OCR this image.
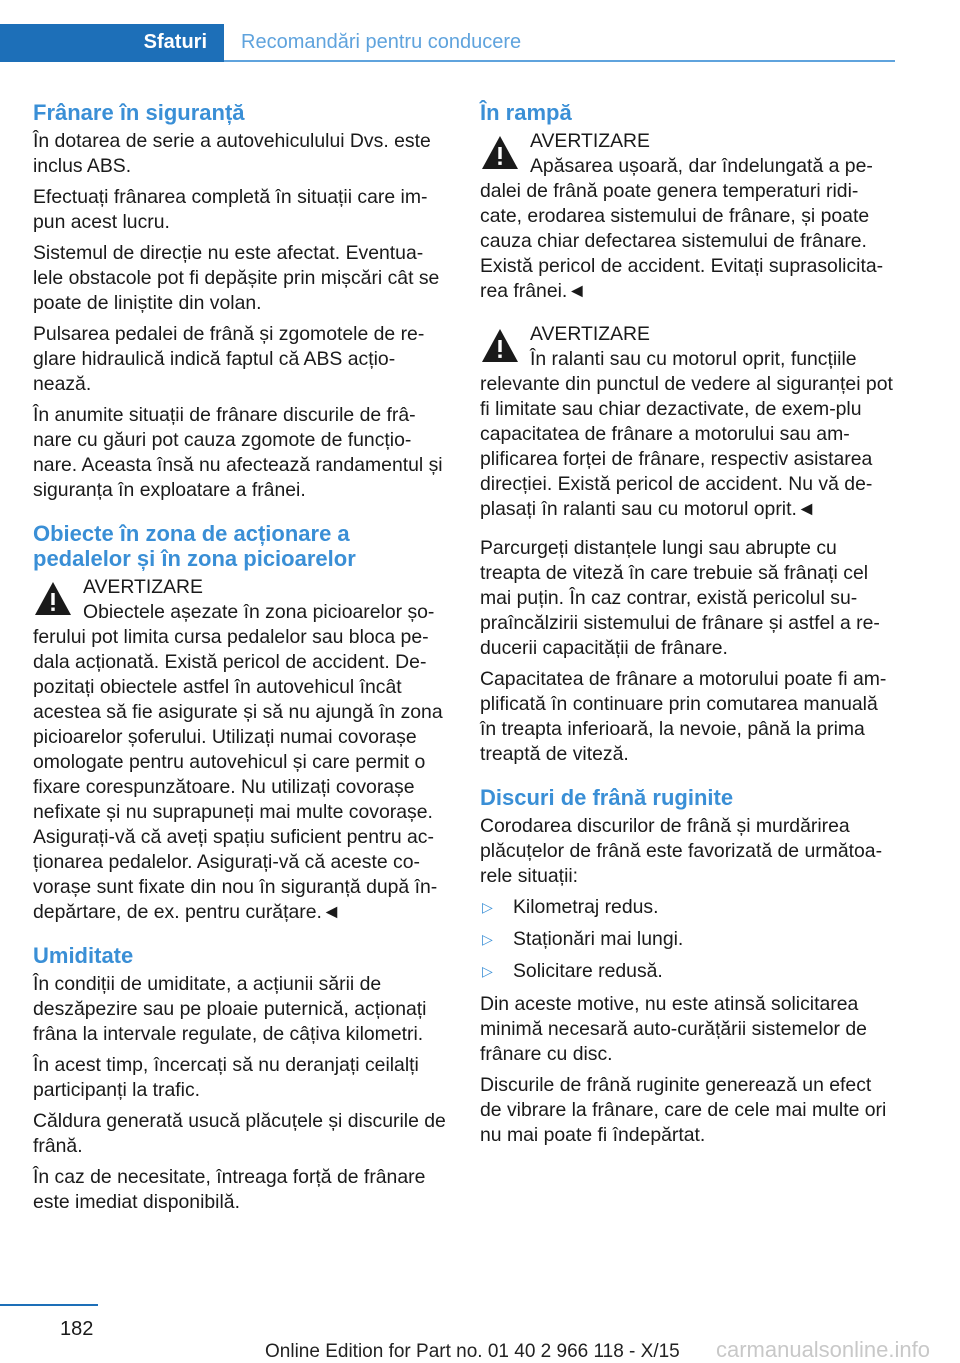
Sfaturi Recomandări pentru conducere
Frânare în siguranță

În dotarea de serie a autovehiculului Dvs. este inclus ABS.

Efectuați frânarea completă în situații care im-pun acest lucru.

Sistemul de direcție nu este afectat. Eventua-lele obstacole pot fi depășite prin mișcări cât se poate de liniștite din volan.

Pulsarea pedalei de frână și zgomotele de re-glare hidraulică indică faptul că ABS acțio-nează.

În anumite situații de frânare discurile de frâ-nare cu găuri pot cauza zgomote de funcțio-nare. Aceasta însă nu afectează randamentul și siguranța în exploatare a frânei.

Obiecte în zona de acționare a pedalelor și în zona picioarelor

AVERTIZARE
Obiectele așezate în zona picioarelor șo-ferului pot limita cursa pedalelor sau bloca pe-dala acționată. Există pericol de accident. De-pozitați obiectele astfel în autovehicul încât acestea să fie asigurate și să nu ajungă în zona picioarelor șoferului. Utilizați numai covorașe omologate pentru autovehicul și care permit o fixare corespunzătoare. Nu utilizați covorașe nefixate și nu suprapuneți mai multe covorașe. Asigurați-vă că aveți spațiu suficient pentru ac-ționarea pedalelor. Asigurați-vă că aceste co-vorașe sunt fixate din nou în siguranță după în-depărtare, de ex. pentru curățare.◄

Umiditate

În condiții de umiditate, a acțiunii sării de deszăpezire sau pe ploaie puternică, acționați frâna la intervale regulate, de câțiva kilometri.

În acest timp, încercați să nu deranjați ceilalți participanți la trafic.

Căldura generată usucă plăcuțele și discurile de frână.

În caz de necesitate, întreaga forță de frânare este imediat disponibilă.

În rampă

AVERTIZARE
Apăsarea ușoară, dar îndelungată a pe-dalei de frână poate genera temperaturi ridi-cate, erodarea sistemului de frânare, și poate cauza chiar defectarea sistemului de frânare. Există pericol de accident. Evitați suprasolicita-rea frânei.◄

AVERTIZARE
În ralanti sau cu motorul oprit, funcțiile relevante din punctul de vedere al siguranței pot fi limitate sau chiar dezactivate, de exem-plu capacitatea de frânare a motorului sau am-plificarea forței de frânare, respectiv asistarea direcției. Există pericol de accident. Nu vă de-plasați în ralanti sau cu motorul oprit.◄

Parcurgeți distanțele lungi sau abrupte cu treapta de viteză în care trebuie să frânați cel mai puțin. În caz contrar, există pericolul su-praîncălzirii sistemului de frânare și astfel a re-ducerii capacității de frânare.

Capacitatea de frânare a motorului poate fi am-plificată în continuare prin comutarea manuală în treapta inferioară, la nevoie, până la prima treaptă de viteză.

Discuri de frână ruginite

Corodarea discurilor de frână și murdărirea plăcuțelor de frână este favorizată de următoa-rele situații:

▷ Kilometraj redus.
▷ Staționări mai lungi.
▷ Solicitare redusă.

Din aceste motive, nu este atinsă solicitarea minimă necesară auto-curățării sistemelor de frânare cu disc.

Discurile de frână ruginite generează un efect de vibrare la frânare, care de cele mai multe ori nu mai poate fi îndepărtat.

182
Online Edition for Part no. 01 40 2 966 118 - X/15 carmanualsonline.info
